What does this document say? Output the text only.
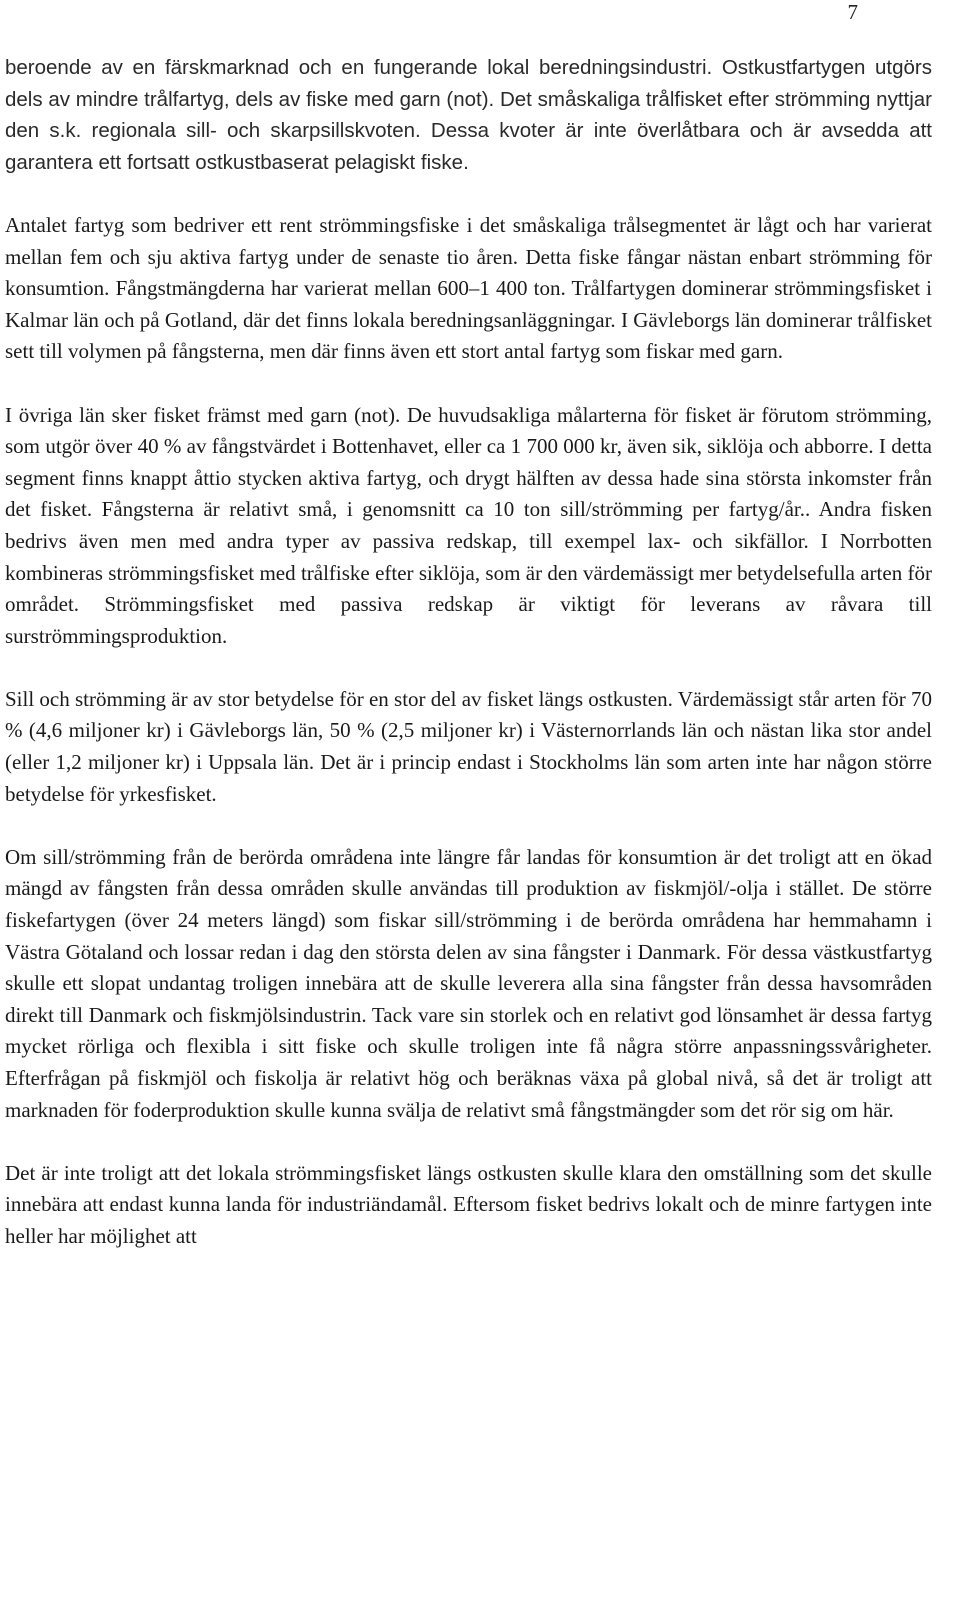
7

beroende av en färskmarknad och en fungerande lokal beredningsindustri. Ostkustfartygen utgörs dels av mindre trålfartyg, dels av fiske med garn (not). Det småskaliga trålfisket efter strömming nyttjar den s.k. regionala sill- och skarpsillskvoten. Dessa kvoter är inte överlåtbara och är avsedda att garantera ett fortsatt ostkustbaserat pelagiskt fiske.

Antalet fartyg som bedriver ett rent strömmingsfiske i det småskaliga trålsegmentet är lågt och har varierat mellan fem och sju aktiva fartyg under de senaste tio åren. Detta fiske fångar nästan enbart strömming för konsumtion. Fångstmängderna har varierat mellan 600–1 400 ton. Trålfartygen dominerar strömmingsfisket i Kalmar län och på Gotland, där det finns lokala beredningsanläggningar. I Gävleborgs län dominerar trålfisket sett till volymen på fångsterna, men där finns även ett stort antal fartyg som fiskar med garn.

I övriga län sker fisket främst med garn (not). De huvudsakliga målarterna för fisket är förutom strömming, som utgör över 40 % av fångstvärdet i Bottenhavet, eller ca 1 700 000 kr, även sik, siklöja och abborre. I detta segment finns knappt åttio stycken aktiva fartyg, och drygt hälften av dessa hade sina största inkomster från det fisket. Fångsterna är relativt små, i genomsnitt ca 10 ton sill/strömming per fartyg/år.. Andra fisken bedrivs även men med andra typer av passiva redskap, till exempel lax- och sikfällor. I Norrbotten kombineras strömmingsfisket med trålfiske efter siklöja, som är den värdemässigt mer betydelsefulla arten för området. Strömmingsfisket med passiva redskap är viktigt för leverans av råvara till surströmmingsproduktion.

Sill och strömming är av stor betydelse för en stor del av fisket längs ostkusten. Värdemässigt står arten för 70 % (4,6 miljoner kr) i Gävleborgs län, 50 % (2,5 miljoner kr) i Västernorrlands län och nästan lika stor andel (eller 1,2 miljoner kr) i Uppsala län. Det är i princip endast i Stockholms län som arten inte har någon större betydelse för yrkesfisket.

Om sill/strömming från de berörda områdena inte längre får landas för konsumtion är det troligt att en ökad mängd av fångsten från dessa områden skulle användas till produktion av fiskmjöl/-olja i stället. De större fiskefartygen (över 24 meters längd) som fiskar sill/strömming i de berörda områdena har hemmahamn i Västra Götaland och lossar redan i dag den största delen av sina fångster i Danmark. För dessa västkustfartyg skulle ett slopat undantag troligen innebära att de skulle leverera alla sina fångster från dessa havsområden direkt till Danmark och fiskmjölsindustrin. Tack vare sin storlek och en relativt god lönsamhet är dessa fartyg mycket rörliga och flexibla i sitt fiske och skulle troligen inte få några större anpassningssvårigheter. Efterfrågan på fiskmjöl och fiskolja är relativt hög och beräknas växa på global nivå, så det är troligt att marknaden för foderproduktion skulle kunna svälja de relativt små fångstmängder som det rör sig om här.

Det är inte troligt att det lokala strömmingsfisket längs ostkusten skulle klara den omställning som det skulle innebära att endast kunna landa för industriändamål. Eftersom fisket bedrivs lokalt och de minre fartygen inte heller har möjlighet att
